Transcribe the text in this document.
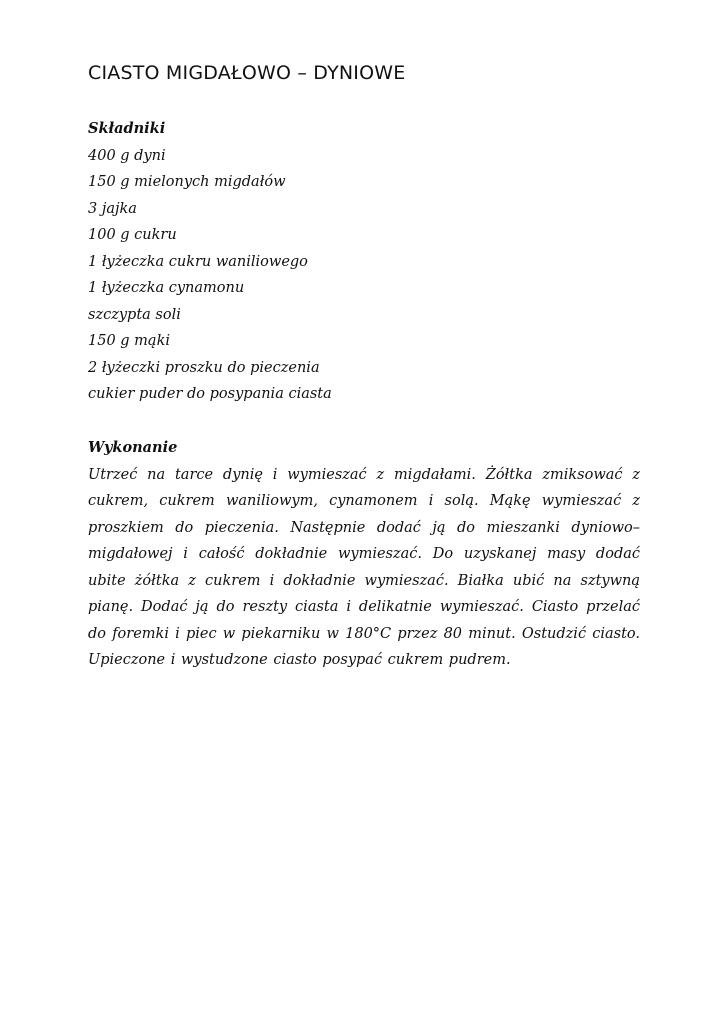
CIASTO MIGDAŁOWO – DYNIOWE
Składniki
400 g dyni
150 g mielonych migdałów
3 jajka
100 g cukru
1 łyżeczka cukru waniliowego
1 łyżeczka cynamonu
szczypta soli
150 g mąki
2 łyżeczki proszku do pieczenia
cukier puder do posypania ciasta
Wykonanie

Utrzeć na tarce dynię i wymieszać z migdałami. Żółtka zmiksować z cukrem, cukrem waniliowym, cynamonem i solą. Mąkę wymieszać z proszkiem do pieczenia. Następnie dodać ją do mieszanki dyniowo–migdałowej i całość dokładnie wymieszać. Do uzyskanej masy dodać ubite żółtka z cukrem i dokładnie wymieszać. Białka ubić na sztywną pianę. Dodać ją do reszty ciasta i delikatnie wymieszać. Ciasto przelać do foremki i piec w piekarniku w 180°C przez 80 minut. Ostudzić ciasto. Upieczone i wystudzone ciasto posypać cukrem pudrem.
